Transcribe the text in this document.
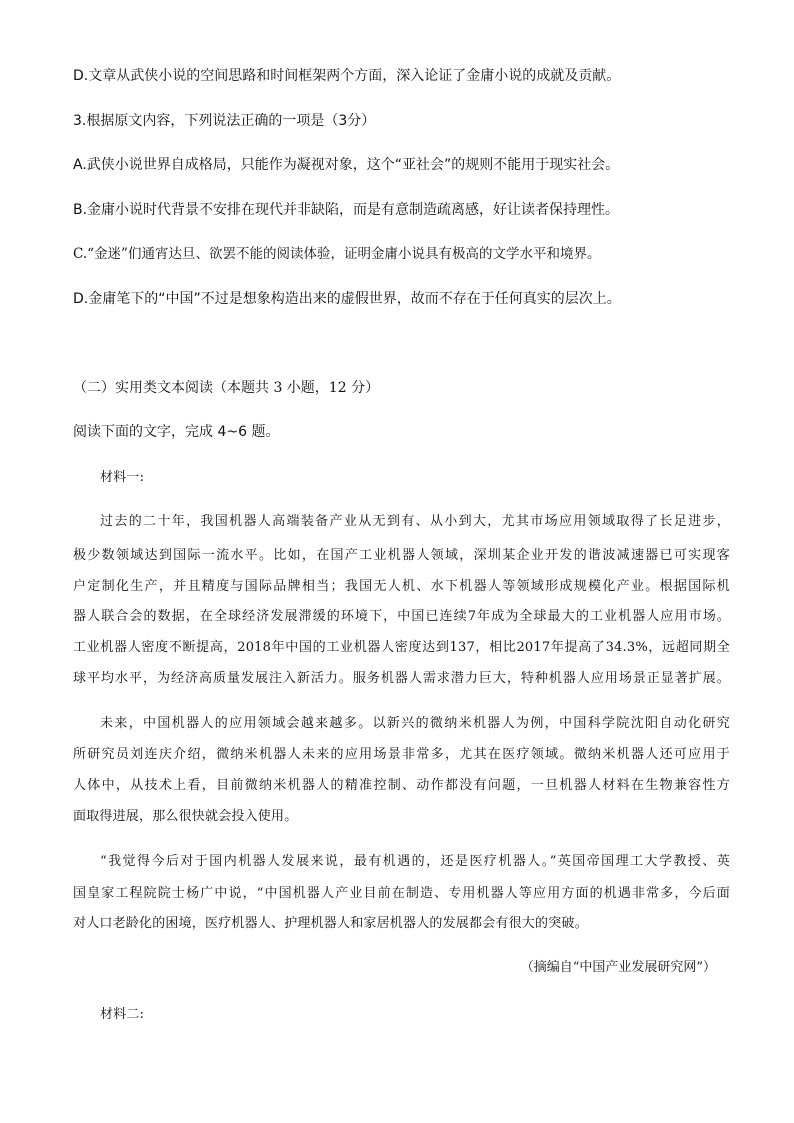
D.文章从武侠小说的空间思路和时间框架两个方面，深入论证了金庸小说的成就及贡献。
3.根据原文内容，下列说法正确的一项是（3分）
A.武侠小说世界自成格局，只能作为凝视对象，这个“亚社会”的规则不能用于现实社会。
B.金庸小说时代背景不安排在现代并非缺陷，而是有意制造疏离感，好让读者保持理性。
C.“金迷”们通宵达旦、欲罢不能的阅读体验，证明金庸小说具有极高的文学水平和境界。
D.金庸笔下的“中国”不过是想象构造出来的虚假世界，故而不存在于任何真实的层次上。
（二）实用类文本阅读（本题共 3 小题，12 分）
阅读下面的文字，完成 4~6 题。
材料一:
过去的二十年，我国机器人高端装备产业从无到有、从小到大，尤其市场应用领域取得了长足进步，
极少数领域达到国际一流水平。比如，在国产工业机器人领域，深圳某企业开发的谐波减速器已可实现客
户定制化生产，并且精度与国际品牌相当；我国无人机、水下机器人等领域形成规模化产业。根据国际机
器人联合会的数据，在全球经济发展滞缓的环境下，中国已连续7年成为全球最大的工业机器人应用市场。
工业机器人密度不断提高，2018年中国的工业机器人密度达到137，相比2017年提高了34.3%，远超同期全
球平均水平，为经济高质量发展注入新活力。服务机器人需求潜力巨大，特种机器人应用场景正显著扩展。
未来，中国机器人的应用领域会越来越多。以新兴的微纳米机器人为例，中国科学院沈阳自动化研究
所研究员刘连庆介绍，微纳米机器人未来的应用场景非常多，尤其在医疗领域。微纳米机器人还可应用于
人体中，从技术上看，目前微纳米机器人的精准控制、动作都没有问题，一旦机器人材料在生物兼容性方
面取得进展，那么很快就会投入使用。
“我觉得今后对于国内机器人发展来说，最有机遇的，还是医疗机器人。”英国帝国理工大学教授、英
国皇家工程院院士杨广中说，“中国机器人产业目前在制造、专用机器人等应用方面的机遇非常多，今后面
对人口老龄化的困境，医疗机器人、护理机器人和家居机器人的发展都会有很大的突破。
（摘编自“中国产业发展研究网”）
材料二:
